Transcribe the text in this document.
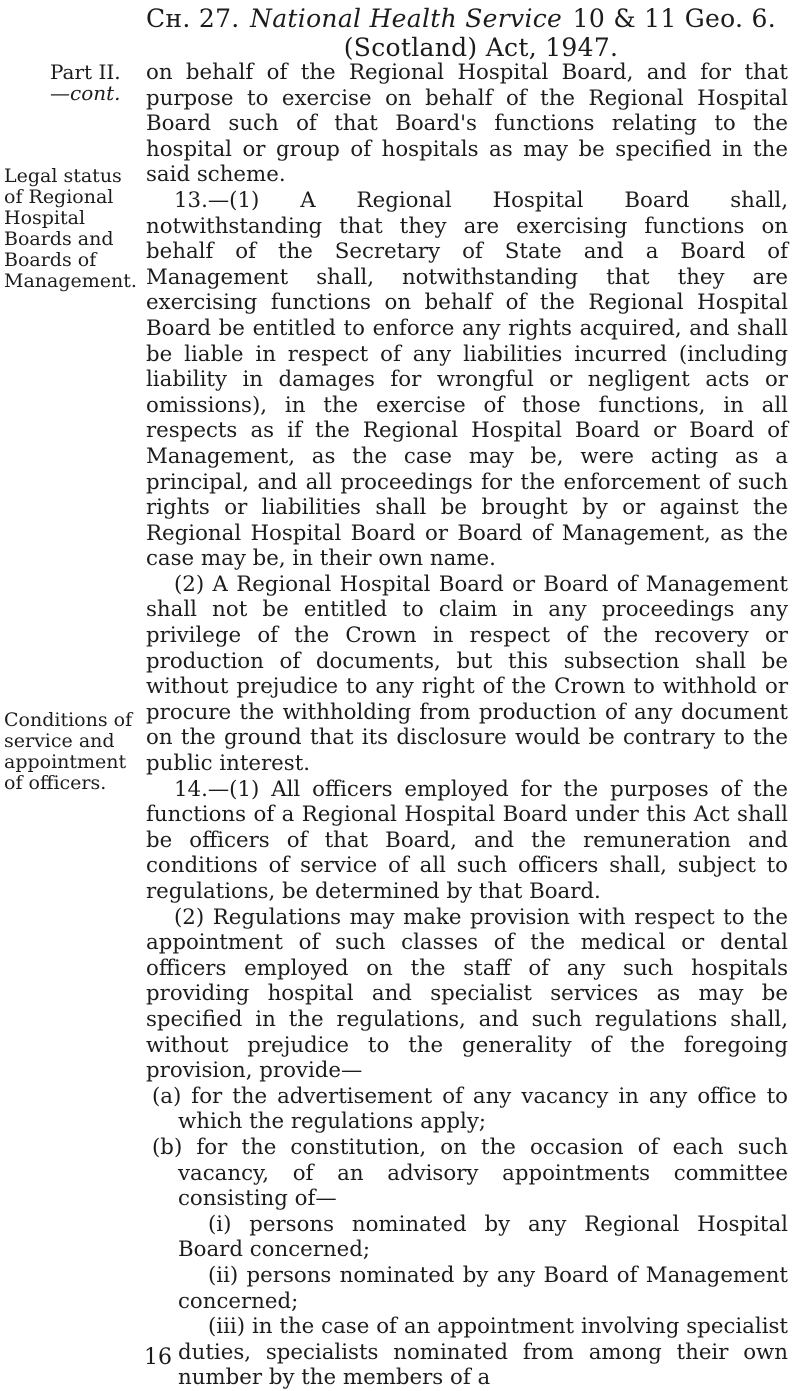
Cн. 27. National Health Service 10 & 11 Geo. 6.
(Scotland) Act, 1947.
Part II.
—cont.
Legal status of Regional Hospital Boards and Boards of Management.
Conditions of service and appointment of officers.

on behalf of the Regional Hospital Board, and for that purpose to exercise on behalf of the Regional Hospital Board such of that Board's functions relating to the hospital or group of hospitals as may be specified in the said scheme.

13.—(1) A Regional Hospital Board shall, notwithstanding that they are exercising functions on behalf of the Secretary of State and a Board of Management shall, notwithstanding that they are exercising functions on behalf of the Regional Hospital Board be entitled to enforce any rights acquired, and shall be liable in respect of any liabilities incurred (including liability in damages for wrongful or negligent acts or omissions), in the exercise of those functions, in all respects as if the Regional Hospital Board or Board of Management, as the case may be, were acting as a principal, and all proceedings for the enforcement of such rights or liabilities shall be brought by or against the Regional Hospital Board or Board of Management, as the case may be, in their own name.

(2) A Regional Hospital Board or Board of Management shall not be entitled to claim in any proceedings any privilege of the Crown in respect of the recovery or production of documents, but this subsection shall be without prejudice to any right of the Crown to withhold or procure the withholding from production of any document on the ground that its disclosure would be contrary to the public interest.

14.—(1) All officers employed for the purposes of the functions of a Regional Hospital Board under this Act shall be officers of that Board, and the remuneration and conditions of service of all such officers shall, subject to regulations, be determined by that Board.

(2) Regulations may make provision with respect to the appointment of such classes of the medical or dental officers employed on the staff of any such hospitals providing hospital and specialist services as may be specified in the regulations, and such regulations shall, without prejudice to the generality of the foregoing provision, provide—

(a) for the advertisement of any vacancy in any office to which the regulations apply;

(b) for the constitution, on the occasion of each such vacancy, of an advisory appointments committee consisting of—

(i) persons nominated by any Regional Hospital Board concerned;

(ii) persons nominated by any Board of Management concerned;

(iii) in the case of an appointment involving specialist duties, specialists nominated from among their own number by the members of a

16
